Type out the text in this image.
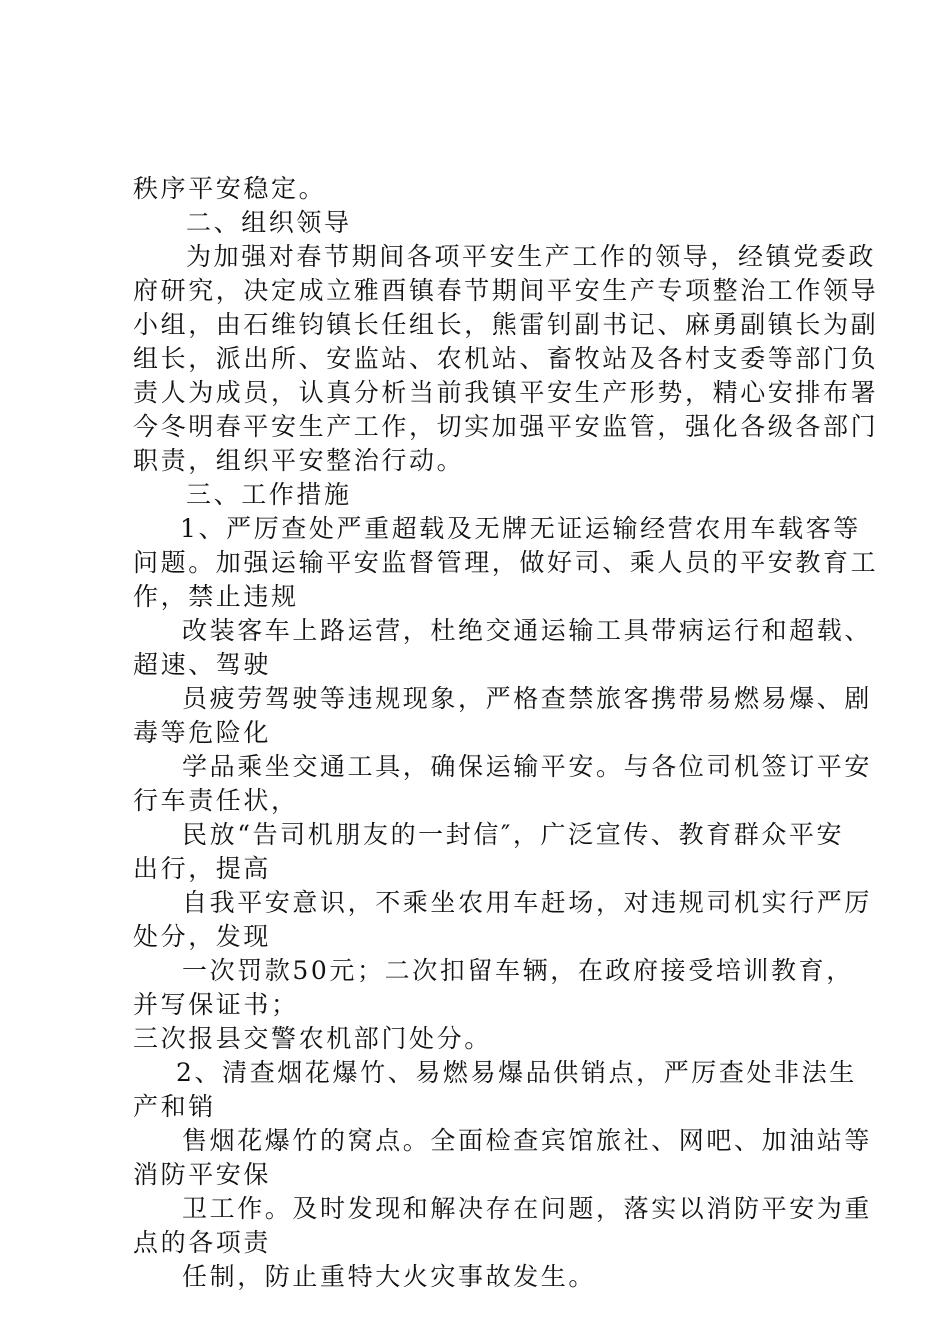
秩序平安稳定。
二、组织领导
为加强对春节期间各项平安生产工作的领导，经镇党委政
府研究，决定成立雅酉镇春节期间平安生产专项整治工作领导
小组，由石维钧镇长任组长，熊雷钊副书记、麻勇副镇长为副
组长，派出所、安监站、农机站、畜牧站及各村支委等部门负
责人为成员，认真分析当前我镇平安生产形势，精心安排布署
今冬明春平安生产工作，切实加强平安监管，强化各级各部门
职责，组织平安整治行动。
三、工作措施
1、严厉查处严重超载及无牌无证运输经营农用车载客等
问题。加强运输平安监督管理，做好司、乘人员的平安教育工
作，禁止违规
改装客车上路运营，杜绝交通运输工具带病运行和超载、
超速、驾驶
员疲劳驾驶等违规现象，严格查禁旅客携带易燃易爆、剧
毒等危险化
学品乘坐交通工具，确保运输平安。与各位司机签订平安
行车责任状，
民放“告司机朋友的一封信″，广泛宣传、教育群众平安
出行，提高
自我平安意识，不乘坐农用车赶场，对违规司机实行严厉
处分，发现
一次罚款50元；二次扣留车辆，在政府接受培训教育，
并写保证书；
三次报县交警农机部门处分。
2、清查烟花爆竹、易燃易爆品供销点，严厉查处非法生
产和销
售烟花爆竹的窝点。全面检查宾馆旅社、网吧、加油站等
消防平安保
卫工作。及时发现和解决存在问题，落实以消防平安为重
点的各项责
任制，防止重特大火灾事故发生。
